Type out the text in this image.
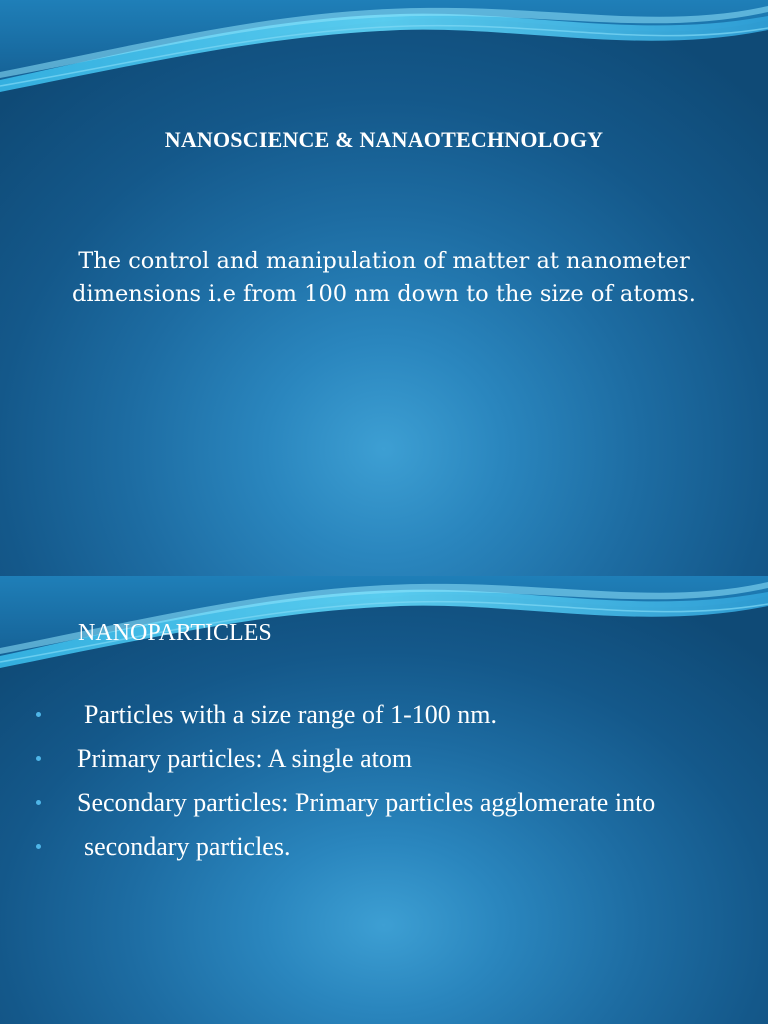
NANOSCIENCE & NANAOTECHNOLOGY
The control and manipulation of matter at nanometer dimensions i.e from 100 nm down to the size of atoms.
NANOPARTICLES
Particles with a size range of 1-100 nm.
Primary particles: A single atom
Secondary particles: Primary particles agglomerate into
secondary particles.
